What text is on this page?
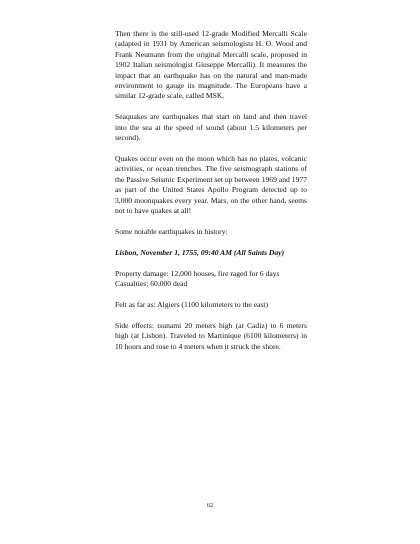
Then there is the still-used 12-grade Modified Mercalli Scale (adapted in 1931 by American seismologists H. O. Wood and Frank Neumann from the original Mercalli scale, proposed in 1902 Italian seismologist Giuseppe Mercalli). It measures the impact that an earthquake has on the natural and man-made environment to gauge its magnitude. The Europeans have a similar 12-grade scale, called MSK.

Seaquakes are earthquakes that start on land and then travel into the sea at the speed of sound (about 1.5 kilometers per second).

Quakes occur even on the moon which has no plates, volcanic activities, or ocean trenches. The five seismograph stations of the Passive Seismic Experiment set up between 1969 and 1977 as part of the United States Apollo Program detected up to 3,000 moonquakes every year. Mars, on the other hand, seems not to have quakes at all!

Some notable earthquakes in history:

Lisbon, November 1, 1755, 09:40 AM (All Saints Day)

Property damage: 12,000 houses, fire raged for 6 days
Casualties: 60,000 dead

Felt as far as: Algiers (1100 kilometers to the east)

Side effects: tsunami 20 meters high (at Cadiz) to 6 meters high (at Lisbon). Traveled to Martinique (6100 kilometers) in 10 hours and rose to 4 meters when it struck the shore.

62
